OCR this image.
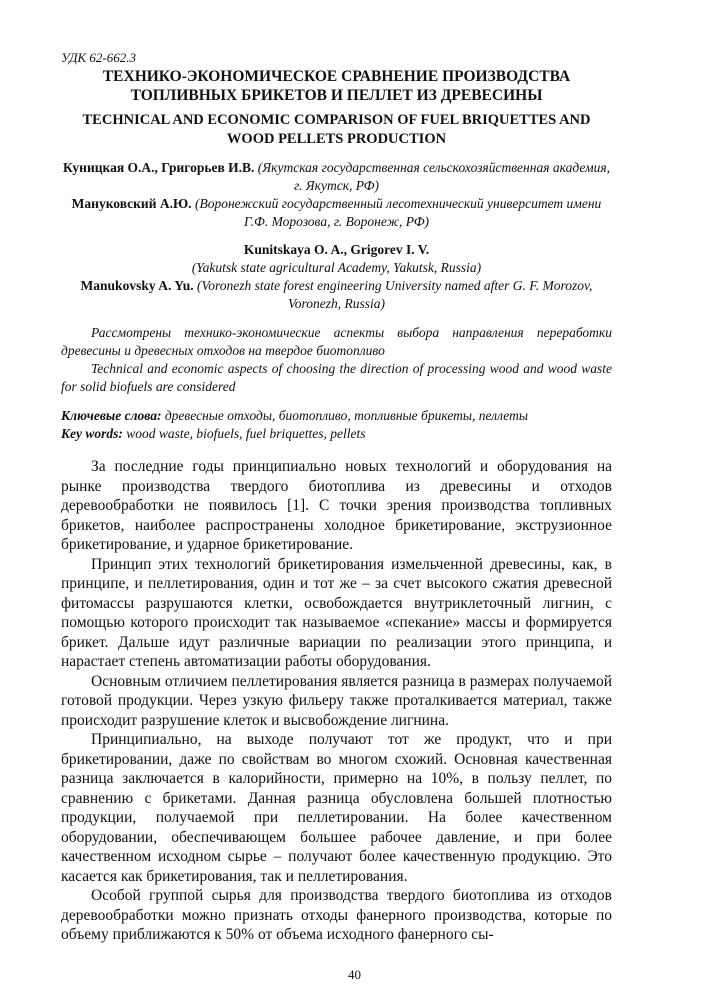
УДК 62-662.3
ТЕХНИКО-ЭКОНОМИЧЕСКОЕ СРАВНЕНИЕ ПРОИЗВОДСТВА
ТОПЛИВНЫХ БРИКЕТОВ И ПЕЛЛЕТ ИЗ ДРЕВЕСИНЫ
TECHNICAL AND ECONOMIC COMPARISON OF FUEL BRIQUETTES AND
WOOD PELLETS PRODUCTION
Куницкая О.А., Григорьев И.В. (Якутская государственная сельскохозяйственная академия, г. Якутск, РФ)
Мануковский А.Ю. (Воронежский государственный лесотехнический университет имени Г.Ф. Морозова, г. Воронеж, РФ)
Kunitskaya O. A., Grigorev I. V.
(Yakutsk state agricultural Academy, Yakutsk, Russia)
Manukovsky A. Yu. (Voronezh state forest engineering University named after G. F. Morozov, Voronezh, Russia)

Рассмотрены технико-экономические аспекты выбора направления переработки древесины и древесных отходов на твердое биотопливо

Technical and economic aspects of choosing the direction of processing wood and wood waste for solid biofuels are considered

Ключевые слова: древесные отходы, биотопливо, топливные брикеты, пеллеты
Key words: wood waste, biofuels, fuel briquettes, pellets

За последние годы принципиально новых технологий и оборудования на рынке производства твердого биотоплива из древесины и отходов деревообработки не появилось [1]. С точки зрения производства топливных брикетов, наиболее распространены холодное брикетирование, экструзионное брикетирование, и ударное брикетирование.

Принцип этих технологий брикетирования измельченной древесины, как, в принципе, и пеллетирования, один и тот же – за счет высокого сжатия древесной фитомассы разрушаются клетки, освобождается внутриклеточный лигнин, с помощью которого происходит так называемое «спекание» массы и формируется брикет. Дальше идут различные вариации по реализации этого принципа, и нарастает степень автоматизации работы оборудования.

Основным отличием пеллетирования является разница в размерах получаемой готовой продукции. Через узкую фильеру также проталкивается материал, также происходит разрушение клеток и высвобождение лигнина.

Принципиально, на выходе получают тот же продукт, что и при брикетировании, даже по свойствам во многом схожий. Основная качественная разница заключается в калорийности, примерно на 10%, в пользу пеллет, по сравнению с брикетами. Данная разница обусловлена большей плотностью продукции, получаемой при пеллетировании. На более качественном оборудовании, обеспечивающем большее рабочее давление, и при более качественном исходном сырье – получают более качественную продукцию. Это касается как брикетирования, так и пеллетирования.

Особой группой сырья для производства твердого биотоплива из отходов деревообработки можно признать отходы фанерного производства, которые по объему приближаются к 50% от объема исходного фанерного сы-

40
